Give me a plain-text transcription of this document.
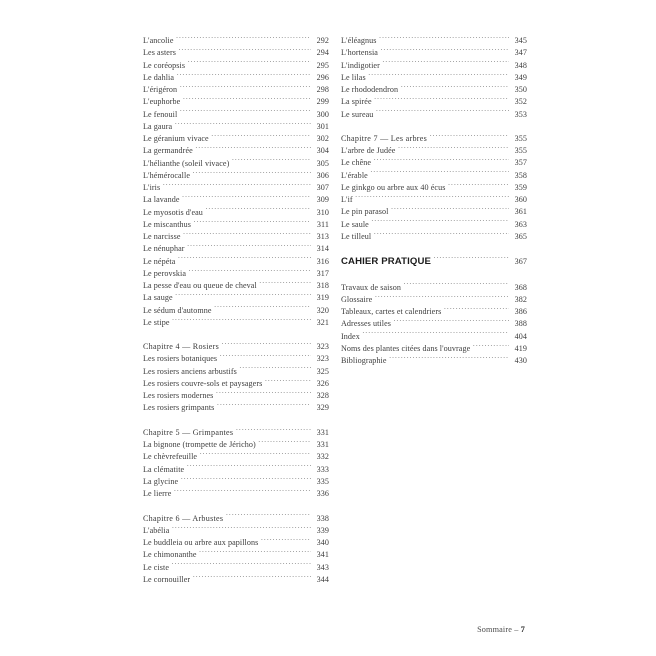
L'ancolie .....	292
Les asters .....	294
Le coréopsis .....	295
Le dahlia .....	296
L'érigéron .....	298
L'euphorbe .....	299
Le fenouil .....	300
La gaura .....	301
Le géranium vivace .....	302
La germandrée .....	304
L'hélianthe (soleil vivace) .....	305
L'hémérocalle .....	306
L'iris .....	307
La lavande .....	309
Le myosotis d'eau .....	310
Le miscanthus .....	311
Le narcisse .....	313
Le nénuphar .....	314
Le népéta .....	316
Le perovskia .....	317
La pesse d'eau ou queue de cheval .....	318
La sauge .....	319
Le sédum d'automne .....	320
Le stipe .....	321
Chapitre 4 — Rosiers .....	323
Les rosiers botaniques .....	323
Les rosiers anciens arbustifs .....	325
Les rosiers couvre-sols et paysagers .....	326
Les rosiers modernes .....	328
Les rosiers grimpants .....	329
Chapitre 5 — Grimpantes .....	331
La bignone (trompette de Jéricho) .....	331
Le chèvrefeuille .....	332
La clématite .....	333
La glycine .....	335
Le lierre .....	336
Chapitre 6 — Arbustes .....	338
L'abélia .....	339
Le buddleia ou arbre aux papillons .....	340
Le chimonanthe .....	341
Le ciste .....	343
Le cornouiller .....	344
L'éléagnus .....	345
L'hortensia .....	347
L'indigotier .....	348
Le lilas .....	349
Le rhododendron .....	350
La spirée .....	352
Le sureau .....	353
Chapitre 7 — Les arbres .....	355
L'arbre de Judée .....	355
Le chêne .....	357
L'érable .....	358
Le ginkgo ou arbre aux 40 écus .....	359
L'if .....	360
Le pin parasol .....	361
Le saule .....	363
Le tilleul .....	365
CAHIER PRATIQUE .....	367
Travaux de saison .....	368
Glossaire .....	382
Tableaux, cartes et calendriers .....	386
Adresses utiles .....	388
Index .....	404
Noms des plantes citées dans l'ouvrage .....	419
Bibliographie .....	430
Sommaire – 7
